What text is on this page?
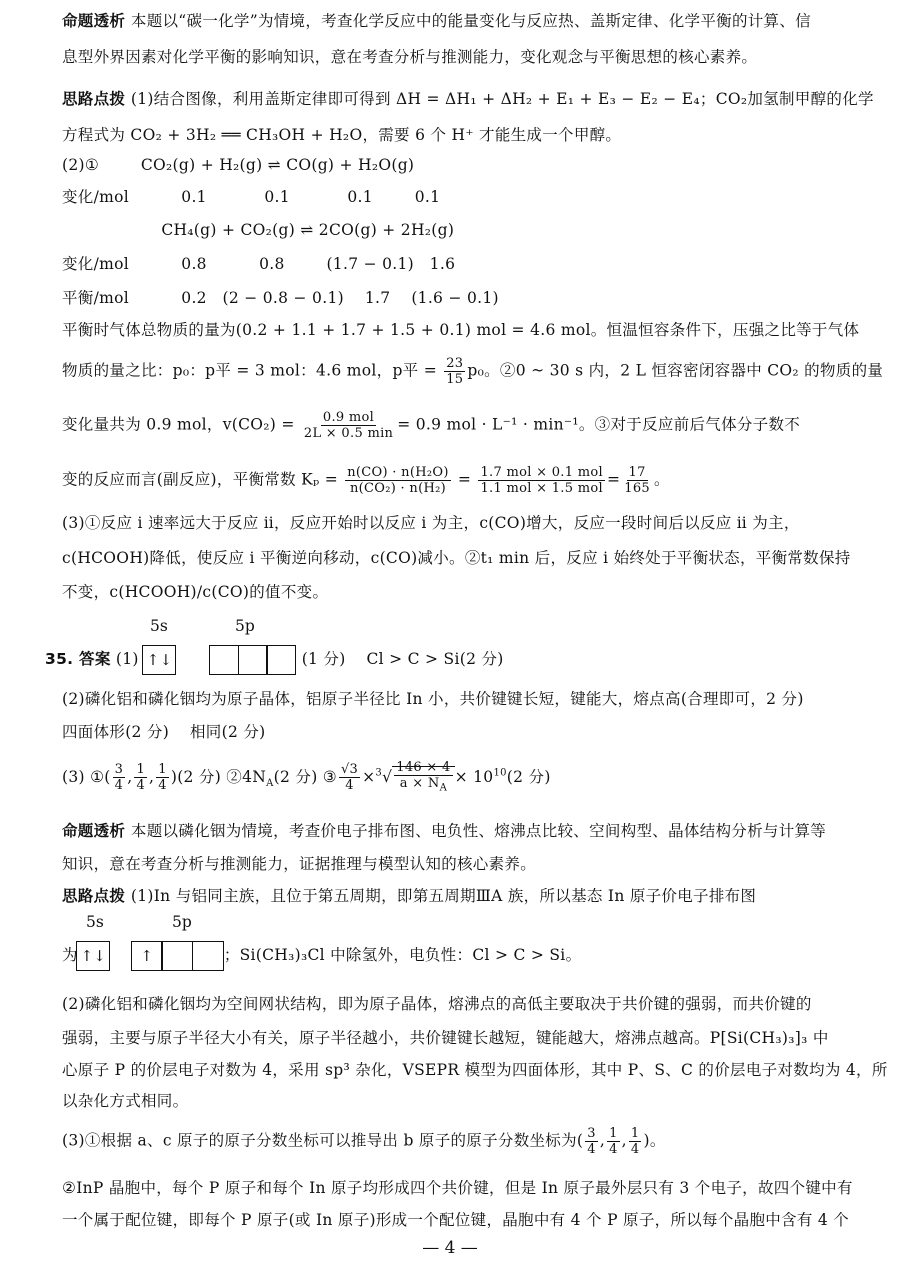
命题透析 本题以“碳一化学”为情境，考查化学反应中的能量变化与反应热、盖斯定律、化学平衡的计算、信
息型外界因素对化学平衡的影响知识，意在考查分析与推测能力，变化观念与平衡思想的核心素养。
思路点拨 (1)结合图像，利用盖斯定律即可得到 ΔH = ΔH₁ + ΔH₂ + E₁ + E₃ − E₂ − E₄；CO₂加氢制甲醇的化学
方程式为 CO₂ + 3H₂ ══ CH₃OH + H₂O，需要 6 个 H⁺ 才能生成一个甲醇。
(2)①        CO₂(g) + H₂(g) ⇌ CO(g) + H₂O(g)
变化/mol          0.1           0.1           0.1        0.1
CH₄(g) + CO₂(g) ⇌ 2CO(g) + 2H₂(g)
变化/mol          0.8          0.8        (1.7 − 0.1)   1.6
平衡/mol          0.2   (2 − 0.8 − 0.1)    1.7    (1.6 − 0.1)
平衡时气体总物质的量为(0.2 + 1.1 + 1.7 + 1.5 + 0.1) mol = 4.6 mol。恒温恒容条件下，压强之比等于气体
(3)①反应 ⅰ 速率远大于反应 ⅱ，反应开始时以反应 ⅰ 为主，c(CO)增大，反应一段时间后以反应 ⅱ 为主，
c(HCOOH)降低，使反应 ⅰ 平衡逆向移动，c(CO)减小。②t₁ min 后，反应 ⅰ 始终处于平衡状态，平衡常数保持
不变，c(HCOOH)/c(CO)的值不变。
(2)磷化铝和磷化铟均为原子晶体，铝原子半径比 In 小，共价键键长短，键能大，熔点高(合理即可，2 分)
四面体形(2 分)    相同(2 分)
命题透析 本题以磷化铟为情境，考查价电子排布图、电负性、熔沸点比较、空间构型、晶体结构分析与计算等
知识，意在考查分析与推测能力，证据推理与模型认知的核心素养。
思路点拨 (1)In 与铝同主族，且位于第五周期，即第五周期ⅢA 族，所以基态 In 原子价电子排布图
(2)磷化铝和磷化铟均为空间网状结构，即为原子晶体，熔沸点的高低主要取决于共价键的强弱，而共价键的
强弱，主要与原子半径大小有关，原子半径越小，共价键键长越短，键能越大，熔沸点越高。P[Si(CH₃)₃]₃ 中
心原子 P 的价层电子对数为 4，采用 sp³ 杂化，VSEPR 模型为四面体形，其中 P、S、C 的价层电子对数均为 4，所
以杂化方式相同。
②InP 晶胞中，每个 P 原子和每个 In 原子均形成四个共价键，但是 In 原子最外层只有 3 个电子，故四个键中有
一个属于配位键，即每个 P 原子(或 In 原子)形成一个配位键，晶胞中有 4 个 P 原子，所以每个晶胞中含有 4 个
物质的量之比：p₀：p平 = 3 mol：4.6 mol，p平 = $\frac{23}{15} p_0$。②0 ~ 30 s 内，2 L 恒容密闭容器中 CO₂ 的物质的量
变化量共为 0.9 mol，$v(CO_2) = \frac{\text{0.9 mol}}{2L \times 0.5 \min} = 0.9$ mol · L⁻¹ · min⁻¹。③对于反应前后气体分子数不
变的反应而言(副反应)，平衡常数 $K_p = \frac{\text{n(CO) · n(H₂O)}}{\text{n(CO₂) · n(H₂)}} = \frac{\text{1.7 mol × 0.1 mol}}{\text{1.1 mol × 1.5 mol}} = \frac{17}{165}$ 。
5s	5p
35. 答案 (1) ↑↓	(1 分) Cl > C > Si(2 分)
(3) ①( $\frac{3}{4}$ , $\frac{1}{4}$ , $\frac{1}{4} )(2$ 分) $②4N_A(2$ 分) ③ $\frac{√3}{4} \times^3√ \frac{146 \times 4}{a \times N_A} \times 10^{10}(2$ 分)
5s	5p
为 ↑↓ ↑	；Si(CH₃)₃Cl 中除氢外，电负性：Cl > C > Si。
(3)①根据 a、c 原子的原子分数坐标可以推导出 b 原子的原子分数坐标为( $\frac{3}{4}$ , $\frac{1}{4}$ , $\frac{1}{4}$ )。
— 4 —
